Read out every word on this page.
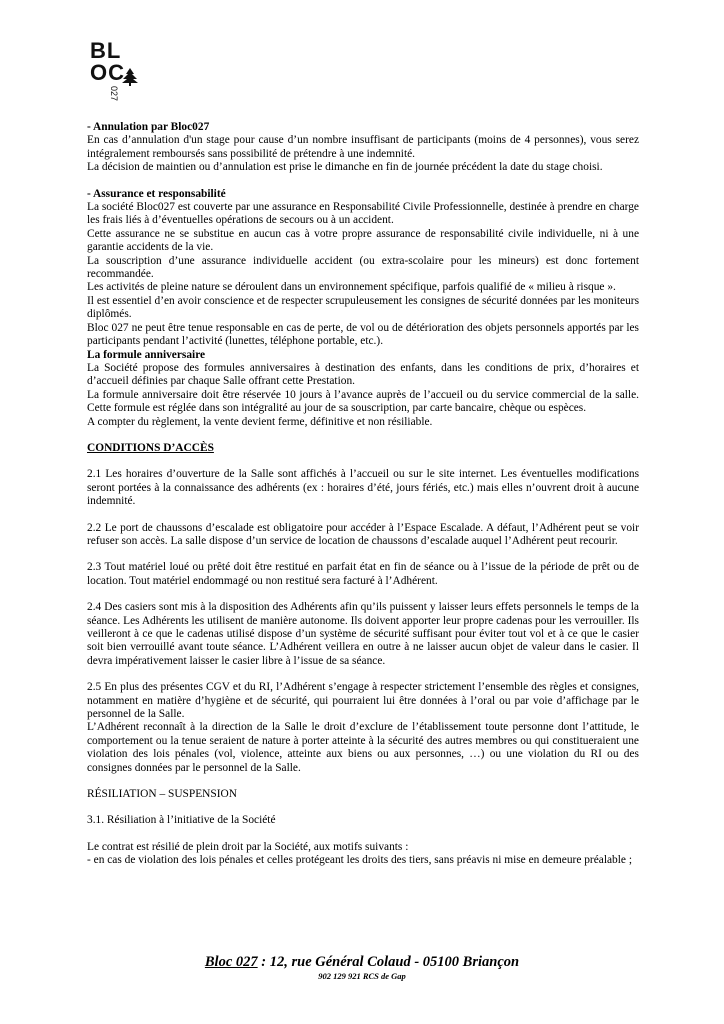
BL
OC
027

- Annulation par Bloc027

En cas d’annulation d'un stage pour cause d’un nombre insuffisant de participants (moins de 4 personnes), vous serez intégralement remboursés sans possibilité de prétendre à une indemnité.

La décision de maintien ou d’annulation est prise le dimanche en fin de journée précédent la date du stage choisi.

- Assurance et responsabilité

La société Bloc027 est couverte par une assurance en Responsabilité Civile Professionnelle, destinée à prendre en charge les frais liés à d’éventuelles opérations de secours ou à un accident.

Cette assurance ne se substitue en aucun cas à votre propre assurance de responsabilité civile individuelle, ni à une garantie accidents de la vie.

La souscription d’une assurance individuelle accident (ou extra-scolaire pour les mineurs) est donc fortement recommandée.

Les activités de pleine nature se déroulent dans un environnement spécifique, parfois qualifié de « milieu à risque ».

Il est essentiel d’en avoir conscience et de respecter scrupuleusement les consignes de sécurité données par les moniteurs diplômés.

Bloc 027 ne peut être tenue responsable en cas de perte, de vol ou de détérioration des objets personnels apportés par les participants pendant l’activité (lunettes, téléphone portable, etc.).

La formule anniversaire

La Société propose des formules anniversaires à destination des enfants, dans les conditions de prix, d’horaires et d’accueil définies par chaque Salle offrant cette Prestation.

La formule anniversaire doit être réservée 10 jours à l’avance auprès de l’accueil ou du service commercial de la salle. Cette formule est réglée dans son intégralité au jour de sa souscription, par carte bancaire, chèque ou espèces.

A compter du règlement, la vente devient ferme, définitive et non résiliable.

CONDITIONS D’ACCÈS

2.1 Les horaires d’ouverture de la Salle sont affichés à l’accueil ou sur le site internet. Les éventuelles modifications seront portées à la connaissance des adhérents (ex : horaires d’été, jours fériés, etc.) mais elles n’ouvrent droit à aucune indemnité.

2.2 Le port de chaussons d’escalade est obligatoire pour accéder à l’Espace Escalade. A défaut, l’Adhérent peut se voir refuser son accès. La salle dispose d’un service de location de chaussons d’escalade auquel l’Adhérent peut recourir.

2.3 Tout matériel loué ou prêté doit être restitué en parfait état en fin de séance ou à l’issue de la période de prêt ou de location. Tout matériel endommagé ou non restitué sera facturé à l’Adhérent.

2.4 Des casiers sont mis à la disposition des Adhérents afin qu’ils puissent y laisser leurs effets personnels le temps de la séance. Les Adhérents les utilisent de manière autonome. Ils doivent apporter leur propre cadenas pour les verrouiller. Ils veilleront à ce que le cadenas utilisé dispose d’un système de sécurité suffisant pour éviter tout vol et à ce que le casier soit bien verrouillé avant toute séance. L’Adhérent veillera en outre à ne laisser aucun objet de valeur dans le casier. Il devra impérativement laisser le casier libre à l’issue de sa séance.

2.5 En plus des présentes CGV et du RI, l’Adhérent s’engage à respecter strictement l’ensemble des règles et consignes, notamment en matière d’hygiène et de sécurité, qui pourraient lui être données à l’oral ou par voie d’affichage par le personnel de la Salle.

L’Adhérent reconnaît à la direction de la Salle le droit d’exclure de l’établissement toute personne dont l’attitude, le comportement ou la tenue seraient de nature à porter atteinte à la sécurité des autres membres ou qui constitueraient une violation des lois pénales (vol, violence, atteinte aux biens ou aux personnes, …) ou une violation du RI ou des consignes données par le personnel de la Salle.

RÉSILIATION – SUSPENSION

3.1. Résiliation à l’initiative de la Société

Le contrat est résilié de plein droit par la Société, aux motifs suivants :

- en cas de violation des lois pénales et celles protégeant les droits des tiers, sans préavis ni mise en demeure préalable ;

Bloc 027 : 12, rue Général Colaud - 05100 Briançon
902 129 921 RCS de Gap
